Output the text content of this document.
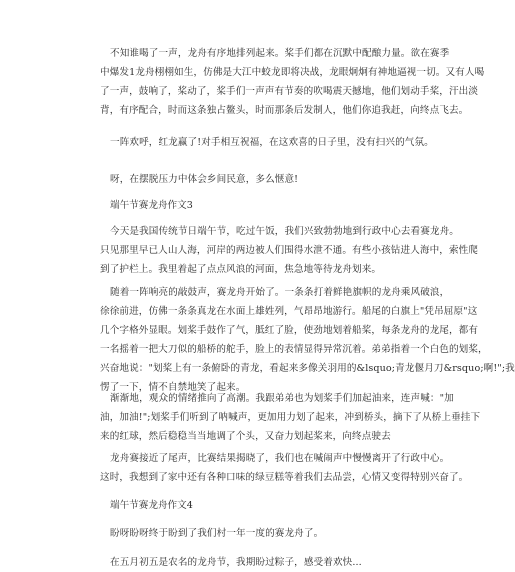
不知谁喝了一声，龙舟有序地排列起来。桨手们都在沉默中配酿力量。欲在赛季
中爆发1龙舟栩栩如生，仿佛是大江中蛟龙即将决战，龙眼炯炯有神地逼视一切。又有人喝
了一声，鼓响了，桨动了，桨手们一声声有节奏的吹喝震天撼地，他们划动手桨，汗出淡
背，有序配合，时而这条独占鳌头，时而那条后发制人，他们你追我赶，向终点飞去。

一阵欢呼，红龙赢了!对手相互祝福，在这欢喜的日子里，没有扫兴的气氛。

呀，在摆脱压力中体会乡间民意，多么惬意!

端午节赛龙舟作文3

今天是我国传统节日端午节，吃过午饭，我们兴致勃勃地到行政中心去看赛龙舟。
只见那里早已人山人海，河岸的两边被人们围得水泄不通。有些小孩钻进人海中，索性爬
到了护栏上。我里着起了点点风浪的河面，焦急地等待龙舟划来。

随着一阵响亮的敲鼓声，赛龙舟开始了。一条条打着鲜艳旗帜的龙舟乘风破浪，
徐徐前进，仿佛一条条真龙在水面上雄姓列，气昂昂地游行。船尾的白旗上"凭吊屈原"这
几个字格外显眼。划桨手鼓作了气，胝红了脸，使劲地划着船桨，每条龙舟的龙尾，都有
一名摇着一把大刀似的船桥的舵手，脸上的表情显得异常沉着。弟弟指着一个白色的划桨，
兴奋地说："划桨上有一条俯卧的青龙，看起来多像关羽用的&lsquo;青龙偃月刀&rsquo;啊!";我
愣了一下，情不自禁地笑了起来。

渐渐地，观众的情绪推向了高潮。我跟弟弟也为划桨手们加起油来，连声喊："加
油，加油!";划桨手们听到了呐喊声，更加用力划了起来，冲到桥头，摘下了从桥上垂挂下
来的红球，然后稳稳当当地调了个头，又奋力划起桨来，向终点驶去

龙舟赛接近了尾声，比赛结果揭晓了，我们也在喊闹声中慢慢离开了行政中心。
这时，我想到了家中还有各种口味的绿豆糕等着我们去品尝，心情又变得特别兴奋了。

端午节赛龙舟作文4

盼呀盼呀终于盼到了我们村一年一度的赛龙舟了。

在五月初五是农名的龙舟节，我期盼过粽子，感受着欢快...
